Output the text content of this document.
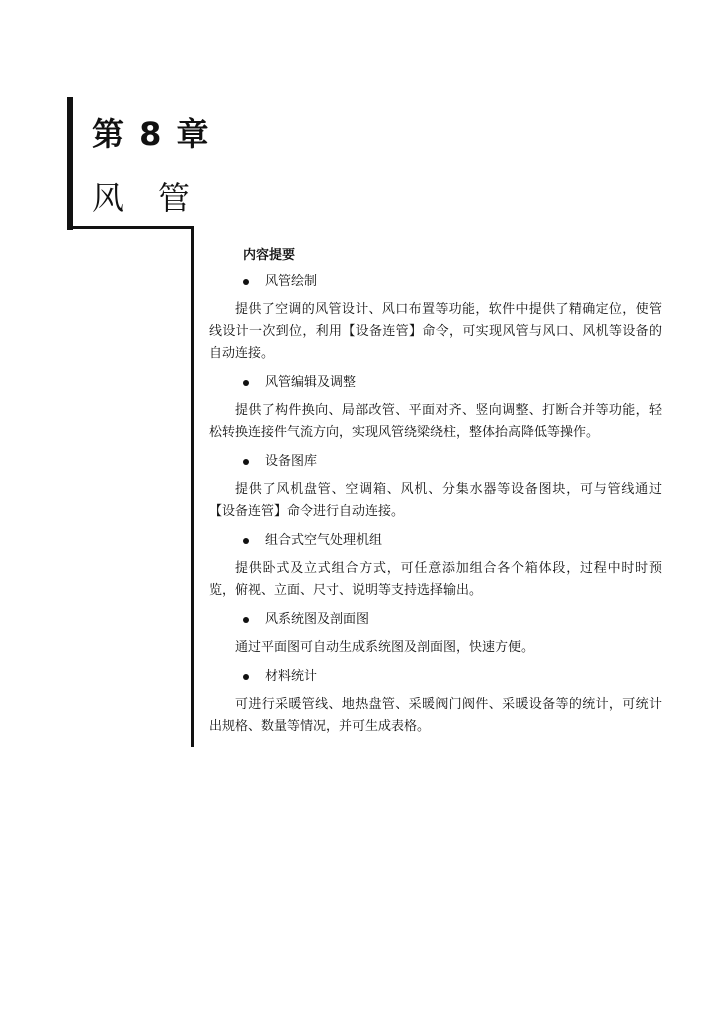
第 8 章
风管
内容提要
风管绘制

提供了空调的风管设计、风口布置等功能，软件中提供了精确定位，使管线设计一次到位，利用【设备连管】命令，可实现风管与风口、风机等设备的自动连接。

风管编辑及调整

提供了构件换向、局部改管、平面对齐、竖向调整、打断合并等功能，轻松转换连接件气流方向，实现风管绕梁绕柱，整体抬高降低等操作。

设备图库

提供了风机盘管、空调箱、风机、分集水器等设备图块，可与管线通过【设备连管】命令进行自动连接。

组合式空气处理机组

提供卧式及立式组合方式，可任意添加组合各个箱体段，过程中时时预览，俯视、立面、尺寸、说明等支持选择输出。

风系统图及剖面图

通过平面图可自动生成系统图及剖面图，快速方便。

材料统计

可进行采暖管线、地热盘管、采暖阀门阀件、采暖设备等的统计，可统计出规格、数量等情况，并可生成表格。
